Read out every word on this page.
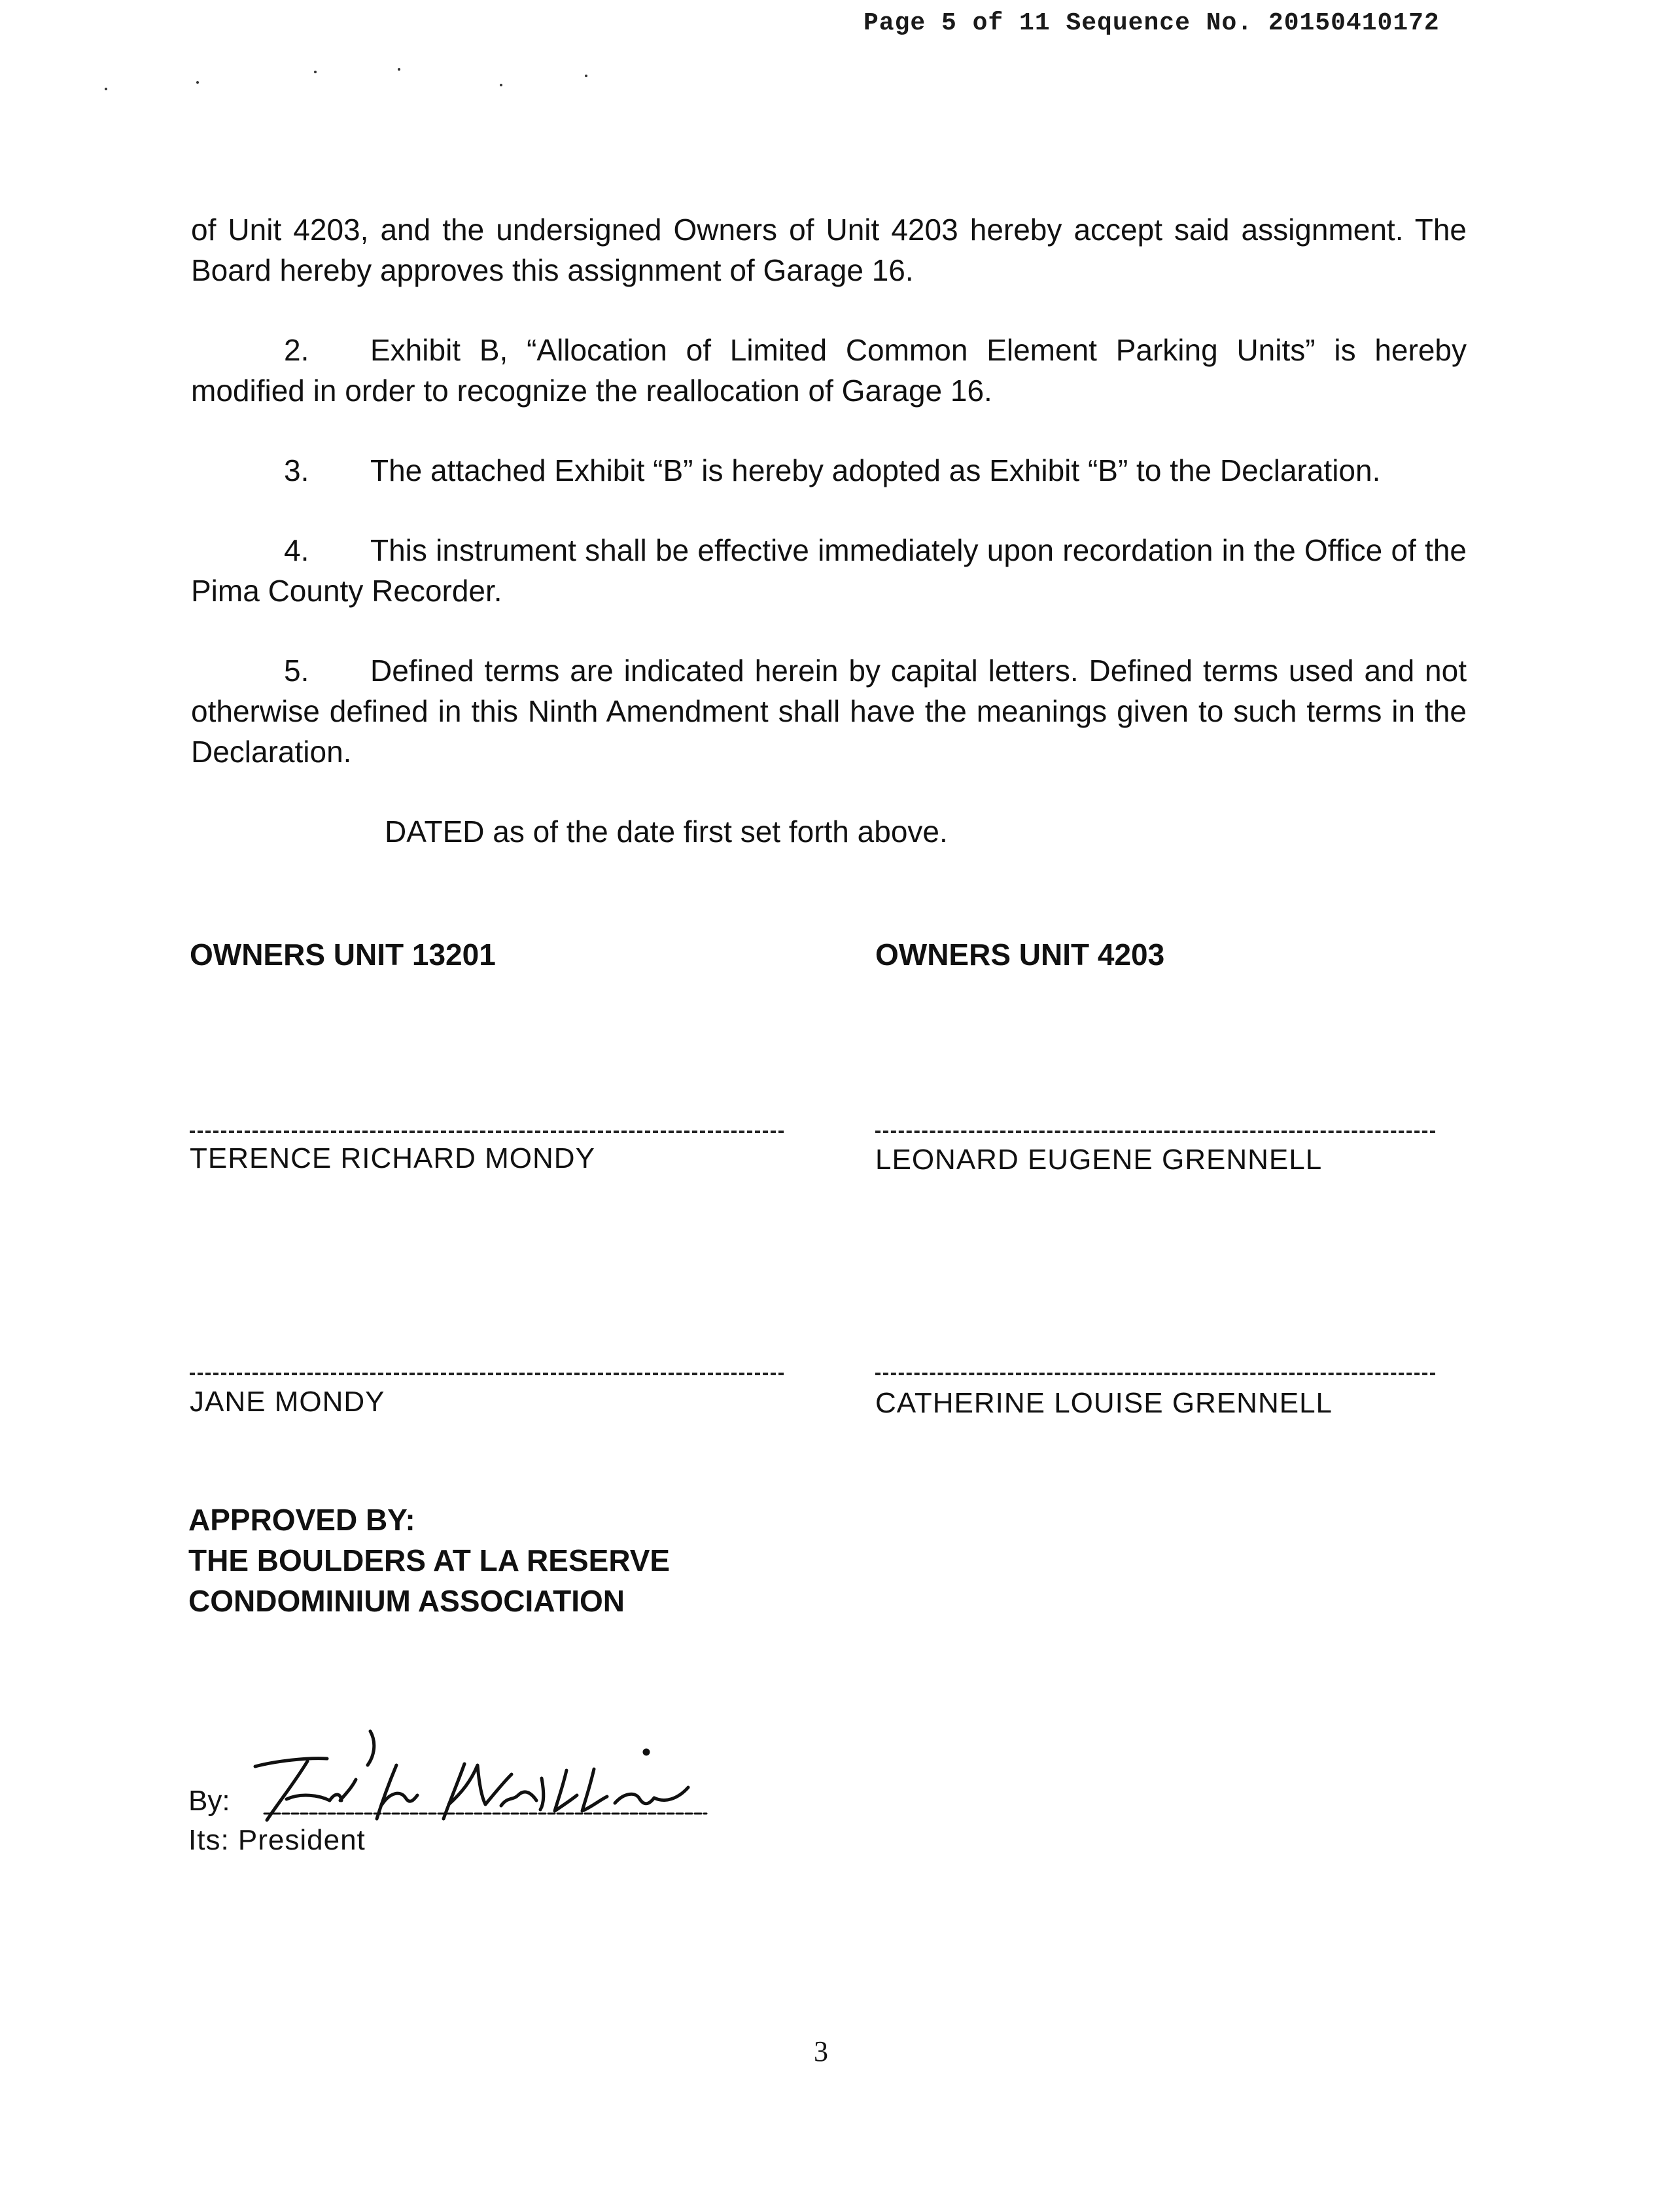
Page 5 of 11 Sequence No. 20150410172

of Unit 4203, and the undersigned Owners of Unit 4203 hereby accept said assignment. The Board hereby approves this assignment of Garage 16.

2. Exhibit B, “Allocation of Limited Common Element Parking Units” is hereby modified in order to recognize the reallocation of Garage 16.

3. The attached Exhibit “B” is hereby adopted as Exhibit “B” to the Declaration.

4. This instrument shall be effective immediately upon recordation in the Office of the Pima County Recorder.

5. Defined terms are indicated herein by capital letters. Defined terms used and not otherwise defined in this Ninth Amendment shall have the meanings given to such terms in the Declaration.

DATED as of the date first set forth above.

OWNERS UNIT 13201	OWNERS UNIT 4203
TERENCE RICHARD MONDY	LEONARD EUGENE GRENNELL
JANE MONDY	CATHERINE LOUISE GRENNELL
APPROVED BY:
THE BOULDERS AT LA RESERVE
CONDOMINIUM ASSOCIATION
By:
Its: President
3
